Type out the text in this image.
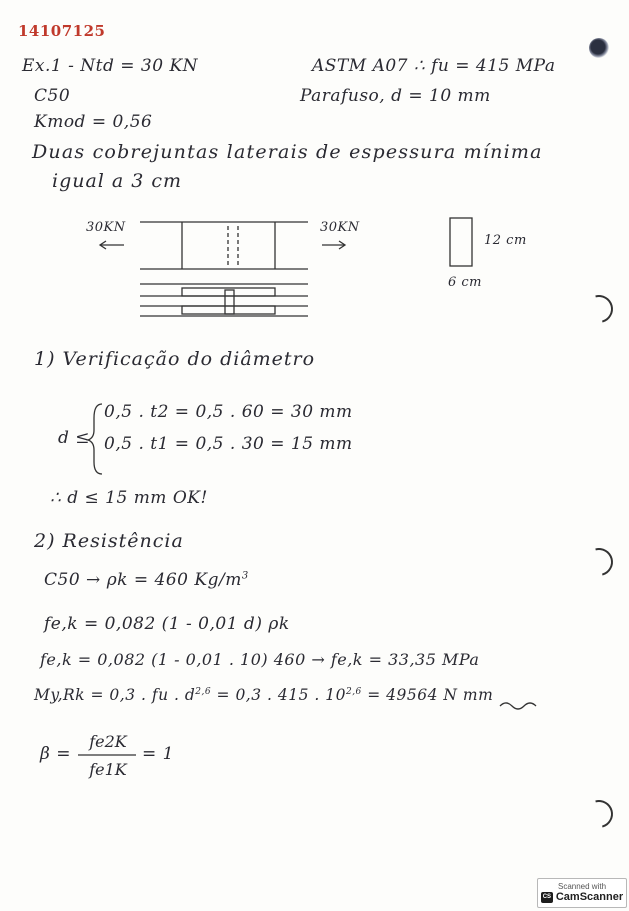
14107125
Ex.1 - Ntd = 30 KN	ASTM A07 ∴ fu = 415 MPa
C50	Parafuso, d = 10 mm
Kmod = 0,56
Duas cobrejuntas laterais de espessura mínima
igual a 3 cm
30KN	30KN
12 cm
6 cm
1) Verificação do diâmetro
d ≤
0,5 . t2 = 0,5 . 60 = 30 mm
0,5 . t1 = 0,5 . 30 = 15 mm
∴ d ≤ 15 mm OK!
2) Resistência
C50 → ρk = 460 $Kg/m^3$
fe,k = 0,082 (1 - 0,01 d) ρk
fe,k = 0,082 (1 - 0,01 . 10) 460 → fe,k = 33,35 MPa
My,Rk = 0,3 . fu . $d^{2,6} = 0,3$ . 415 . $10^{2,6} = 49564$ N mm
β =
fe2K
fe1K
= 1
Scanned with
CS CamScanner
